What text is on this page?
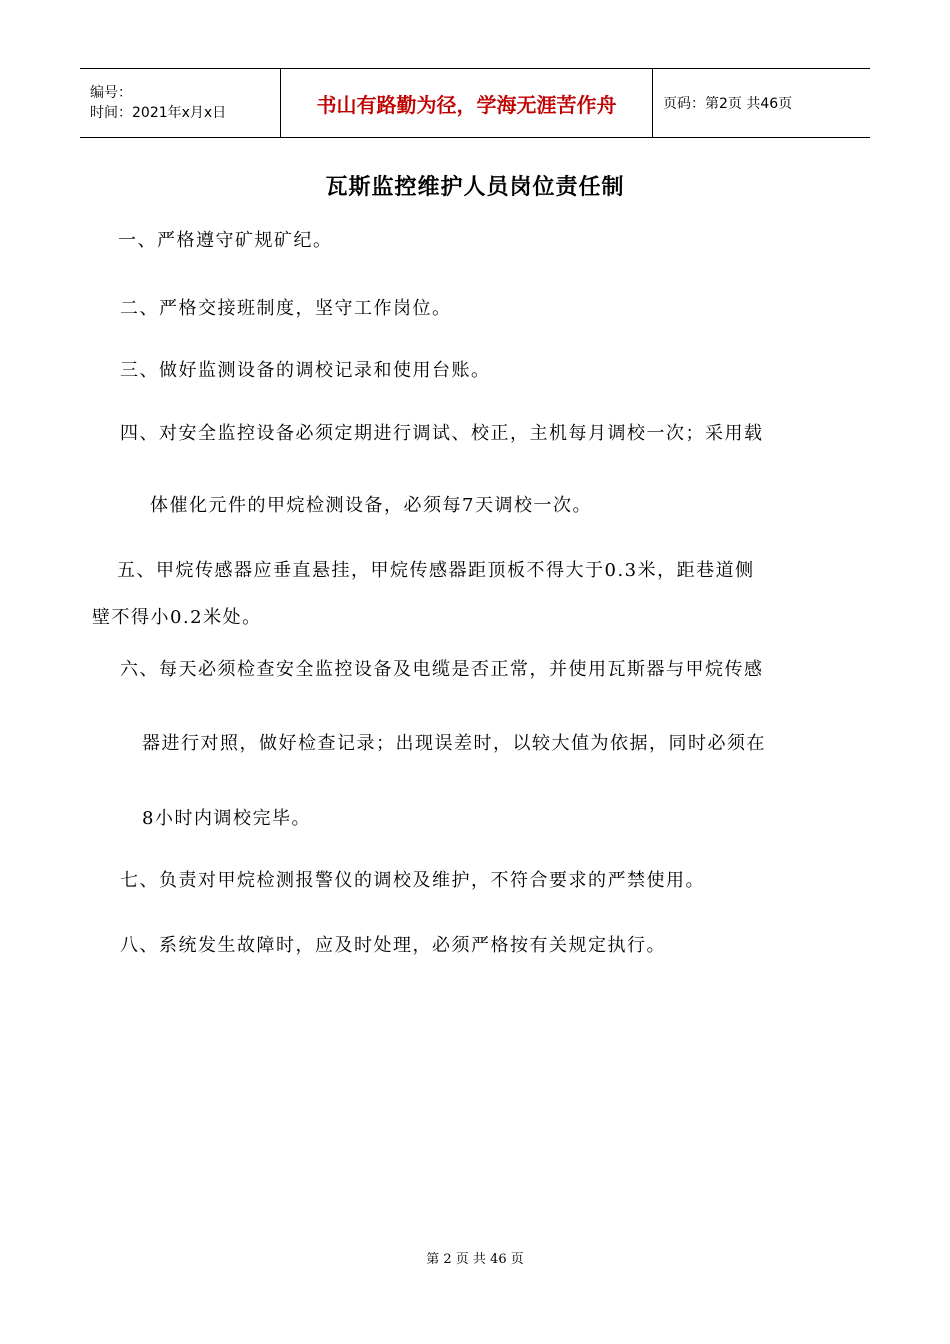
编号：
时间：2021年x月x日	书山有路勤为径，学海无涯苦作舟	页码：第2页 共46页
瓦斯监控维护人员岗位责任制
一、严格遵守矿规矿纪。
二、严格交接班制度，坚守工作岗位。
三、做好监测设备的调校记录和使用台账。
四、对安全监控设备必须定期进行调试、校正，主机每月调校一次；采用载
体催化元件的甲烷检测设备，必须每7天调校一次。
五、甲烷传感器应垂直悬挂，甲烷传感器距顶板不得大于0.3米，距巷道侧
壁不得小0.2米处。
六、每天必须检查安全监控设备及电缆是否正常，并使用瓦斯器与甲烷传感
器进行对照，做好检查记录；出现误差时，以较大值为依据，同时必须在
8小时内调校完毕。
七、负责对甲烷检测报警仪的调校及维护，不符合要求的严禁使用。
八、系统发生故障时，应及时处理，必须严格按有关规定执行。
第 2 页 共 46 页
